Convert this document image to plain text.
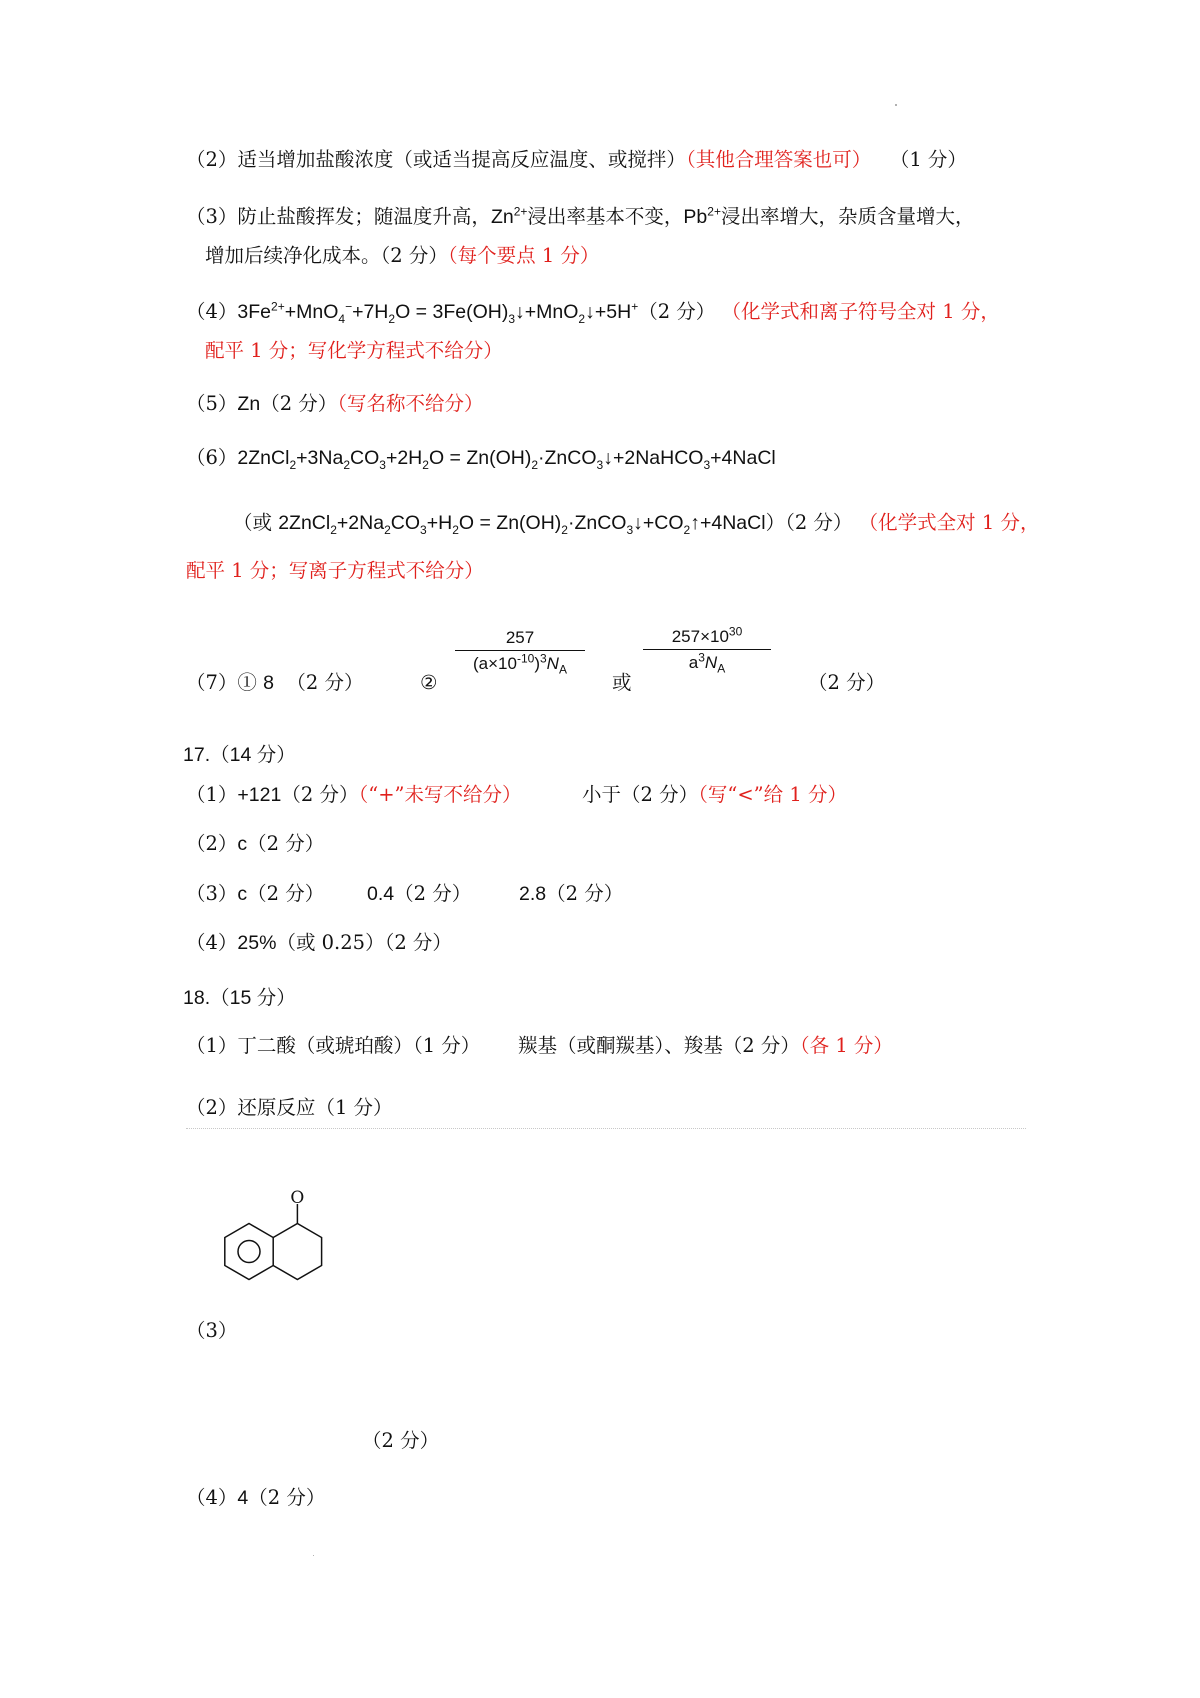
（2）适当增加盐酸浓度（或适当提高反应温度、或搅拌）（其他合理答案也可） （1 分）
（3）防止盐酸挥发；随温度升高，$Zn^{2+}$浸出率基本不变，$Pb^{2+}$浸出率增大，杂质含量增大，
增加后续净化成本。（2 分）（每个要点 1 分）
$(4)3Fe^{2+}+MnO_4^-+7H_2O$ = $3Fe(OH)_3↓+MnO_2↓+5H^+(2$ 分） （化学式和离子符号全对 1 分，
配平 1 分；写化学方程式不给分）
（5）Zn（2 分）（写名称不给分）
$(6)2ZnCl_2+3Na_2CO_3+2H_2O$ = $Zn(OH)_2\cdot ZnCO_3↓+2NaHCO_3+4NaCl$
（或 $2ZnCl_2+2Na_2CO_3+H_2O$ = $Zn(OH)_2\cdot ZnCO_3↓+CO_2↑+4NaCl)(2$ 分） （化学式全对 1 分，
配平 1 分；写离子方程式不给分）
（7）① 8 （2 分）	②
257
$(a\times 10^{-10})^3N_A$
或
$257\times 10^{30}$
$a^3N_A$
（2 分）
17.（14 分）
（1）+121（2 分）（“+”未写不给分）	小于（2 分）（写“<”给 1 分）
（2）c（2 分）
（3）c（2 分） 0.4（2 分） 2.8（2 分）
（4）25%（或 0.25）（2 分）
18.（15 分）
（1）丁二酸（或琥珀酸）（1 分） 羰基（或酮羰基）、羧基（2 分）（各 1 分）
（2）还原反应（1 分）
O
（3）
（2 分）
（4）4（2 分）
